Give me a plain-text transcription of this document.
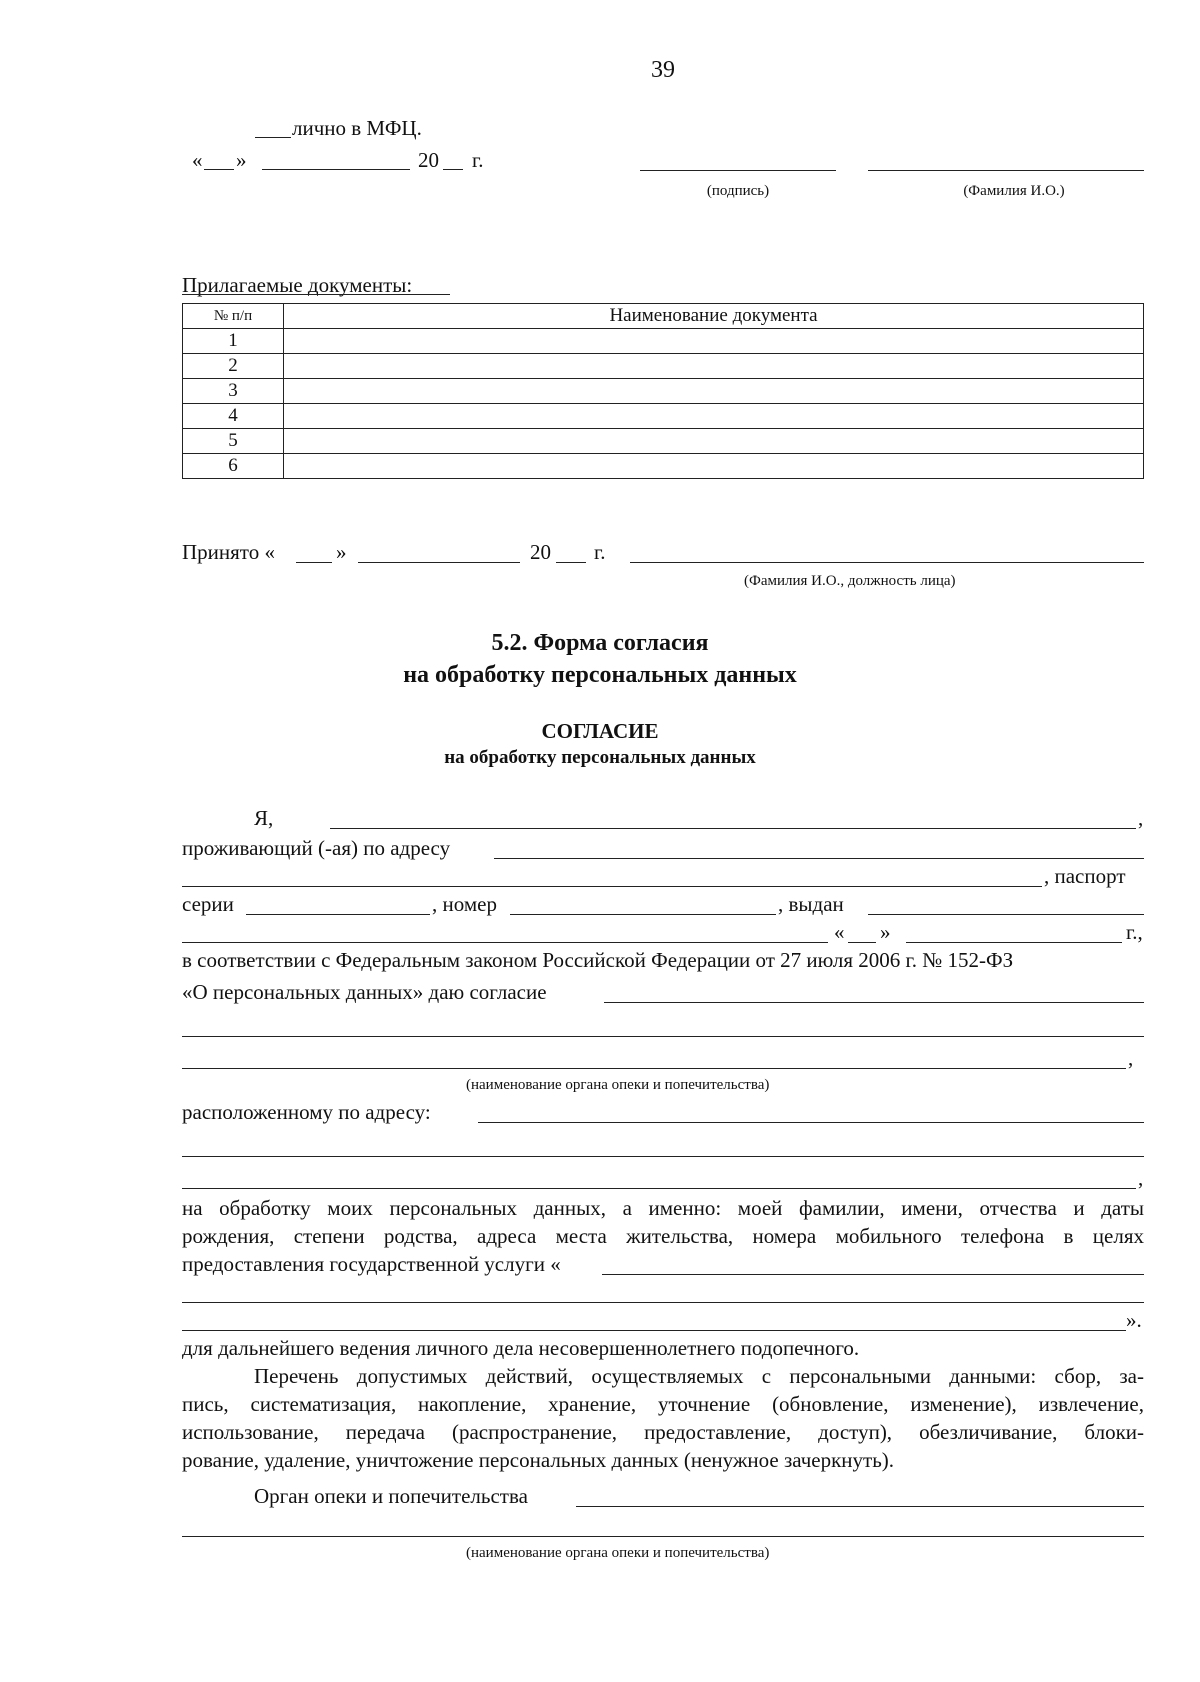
39
лично в МФЦ.
« »	20 г.
(подпись)	(Фамилия И.О.)
Прилагаемые документы:
№ п/п	Наименование документа
1	
2	
3	
4	
5	
6	
Принято «	»	20 г.
(Фамилия И.О., должность лица)
5.2. Форма согласия
на обработку персональных данных
СОГЛАСИЕ
на обработку персональных данных
Я,	,
проживающий (-ая) по адресу
, паспорт
серии	, номер	, выдан
« »	г.,
в соответствии с Федеральным законом Российской Федерации от 27 июля 2006 г. № 152-ФЗ
«О персональных данных» даю согласие
,
(наименование органа опеки и попечительства)
расположенному по адресу:
,
на обработку моих персональных данных, а именно: моей фамилии, имени, отчества и даты
рождения, степени родства, адреса места жительства, номера мобильного телефона в целях
предоставления государственной услуги «
».
для дальнейшего ведения личного дела несовершеннолетнего подопечного.
Перечень допустимых действий, осуществляемых с персональными данными: сбор, за-
пись, систематизация, накопление, хранение, уточнение (обновление, изменение), извлечение,
использование, передача (распространение, предоставление, доступ), обезличивание, блоки-
рование, удаление, уничтожение персональных данных (ненужное зачеркнуть).
Орган опеки и попечительства
(наименование органа опеки и попечительства)
